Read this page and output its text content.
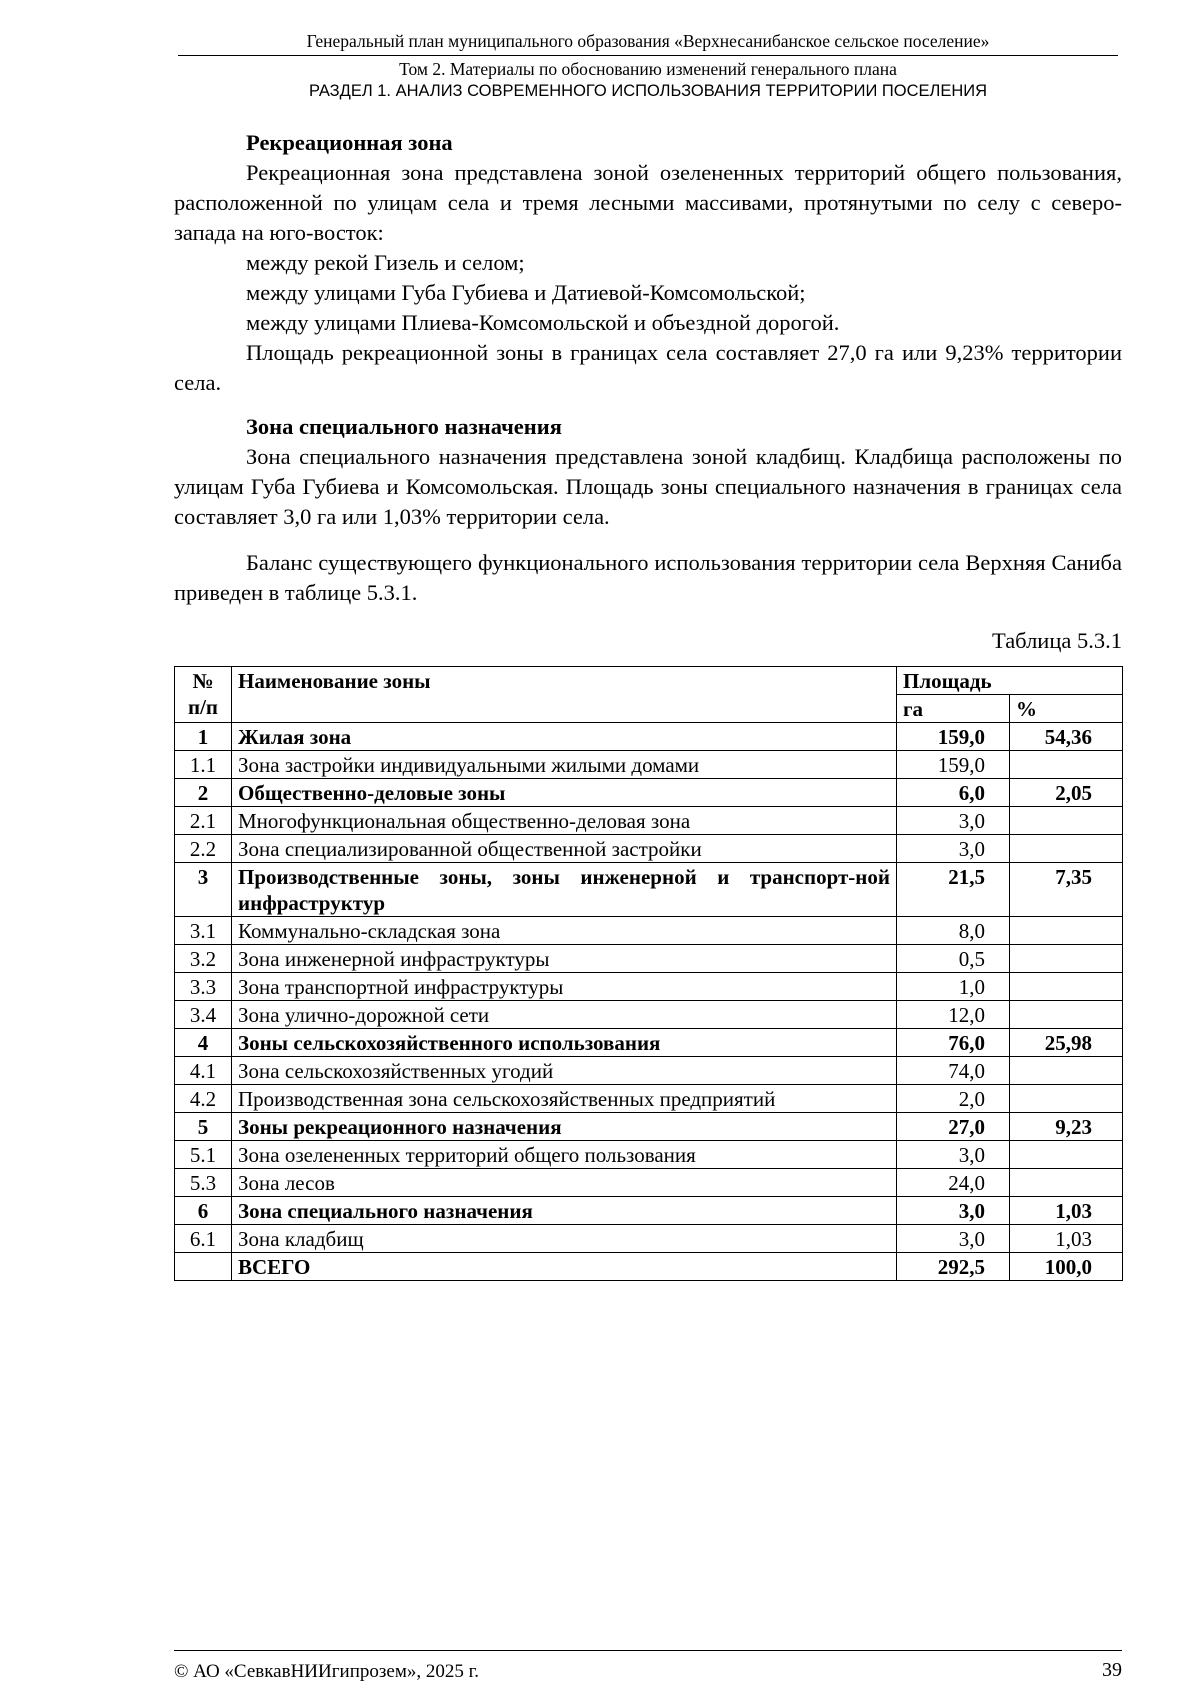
Генеральный план муниципального образования «Верхнесанибанское сельское поселение»
Том 2. Материалы по обоснованию изменений генерального плана
РАЗДЕЛ 1. АНАЛИЗ СОВРЕМЕННОГО ИСПОЛЬЗОВАНИЯ ТЕРРИТОРИИ ПОСЕЛЕНИЯ
Рекреационная зона

Рекреационная зона представлена зоной озелененных территорий общего пользования, расположенной по улицам села и тремя лесными массивами, протянутыми по селу с северо-запада на юго-восток:

между рекой Гизель и селом;
между улицами Губа Губиева и Датиевой-Комсомольской;
между улицами Плиева-Комсомольской и объездной дорогой.

Площадь рекреационной зоны в границах села составляет 27,0 га или 9,23% территории села.

Зона специального назначения

Зона специального назначения представлена зоной кладбищ. Кладбища расположены по улицам Губа Губиева и Комсомольская. Площадь зоны специального назначения в границах села составляет 3,0 га или 1,03% территории села.

Баланс существующего функционального использования территории села Верхняя Саниба приведен в таблице 5.3.1.

Таблица 5.3.1
№ п/п	Наименование зоны	Площадь	
		га	%
1	Жилая зона	159,0	54,36
1.1	Зона застройки индивидуальными жилыми домами	159,0	
2	Общественно-деловые зоны	6,0	2,05
2.1	Многофункциональная общественно-деловая зона	3,0	
2.2	Зона специализированной общественной застройки	3,0	
3	Производственные зоны, зоны инженерной и транспорт-ной инфраструктур	21,5	7,35
3.1	Коммунально-складская зона	8,0	
3.2	Зона инженерной инфраструктуры	0,5	
3.3	Зона транспортной инфраструктуры	1,0	
3.4	Зона улично-дорожной сети	12,0	
4	Зоны сельскохозяйственного использования	76,0	25,98
4.1	Зона сельскохозяйственных угодий	74,0	
4.2	Производственная зона сельскохозяйственных предприятий	2,0	
5	Зоны рекреационного назначения	27,0	9,23
5.1	Зона озелененных территорий общего пользования	3,0	
5.3	Зона лесов	24,0	
6	Зона специального назначения	3,0	1,03
6.1	Зона кладбищ	3,0	1,03
	ВСЕГО	292,5	100,0
© АО «СевкавНИИгипрозем», 2025 г.	39
